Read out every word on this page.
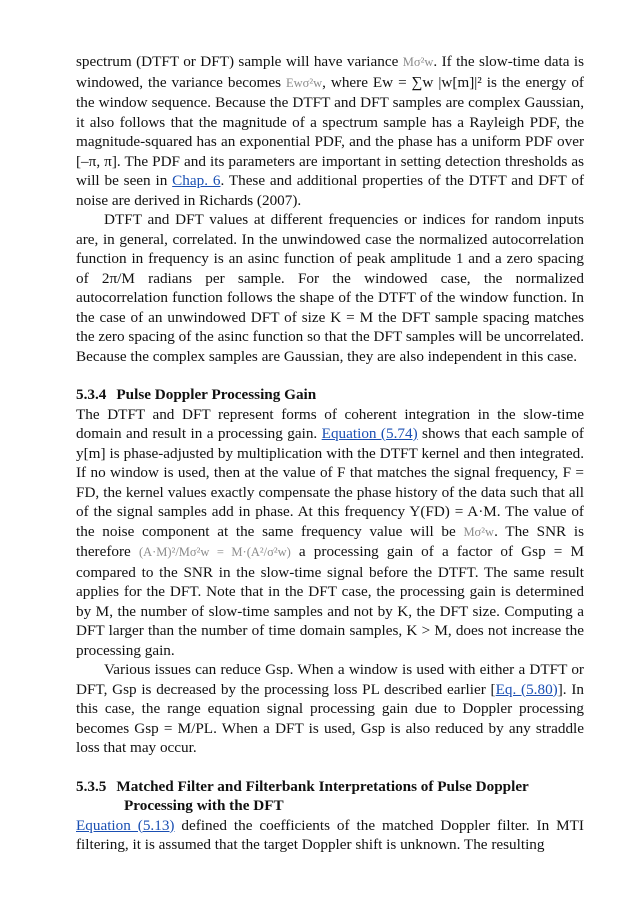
spectrum (DTFT or DFT) sample will have variance Mσ²w. If the slow-time data is windowed, the variance becomes Ewσ²w, where Ew = ∑w |w[m]|² is the energy of the window sequence. Because the DTFT and DFT samples are complex Gaussian, it also follows that the magnitude of a spectrum sample has a Rayleigh PDF, the magnitude-squared has an exponential PDF, and the phase has a uniform PDF over [–π, π]. The PDF and its parameters are important in setting detection thresholds as will be seen in Chap. 6. These and additional properties of the DTFT and DFT of noise are derived in Richards (2007).

DTFT and DFT values at different frequencies or indices for random inputs are, in general, correlated. In the unwindowed case the normalized autocorrelation function in frequency is an asinc function of peak amplitude 1 and a zero spacing of 2π/M radians per sample. For the windowed case, the normalized autocorrelation function follows the shape of the DTFT of the window function. In the case of an unwindowed DFT of size K = M the DFT sample spacing matches the zero spacing of the asinc function so that the DFT samples will be uncorrelated. Because the complex samples are Gaussian, they are also independent in this case.

5.3.4 Pulse Doppler Processing Gain

The DTFT and DFT represent forms of coherent integration in the slow-time domain and result in a processing gain. Equation (5.74) shows that each sample of y[m] is phase-adjusted by multiplication with the DTFT kernel and then integrated. If no window is used, then at the value of F that matches the signal frequency, F = FD, the kernel values exactly compensate the phase history of the data such that all of the signal samples add in phase. At this frequency Y(FD) = A·M. The value of the noise component at the same frequency value will be Mσ²w. The SNR is therefore (A·M)²/Mσ²w = M·(A²/σ²w) a processing gain of a factor of Gsp = M compared to the SNR in the slow-time signal before the DTFT. The same result applies for the DFT. Note that in the DFT case, the processing gain is determined by M, the number of slow-time samples and not by K, the DFT size. Computing a DFT larger than the number of time domain samples, K > M, does not increase the processing gain.

Various issues can reduce Gsp. When a window is used with either a DTFT or DFT, Gsp is decreased by the processing loss PL described earlier [Eq. (5.80)]. In this case, the range equation signal processing gain due to Doppler processing becomes Gsp = M/PL. When a DFT is used, Gsp is also reduced by any straddle loss that may occur.

5.3.5 Matched Filter and Filterbank Interpretations of Pulse Doppler

Processing with the DFT

Equation (5.13) defined the coefficients of the matched Doppler filter. In MTI filtering, it is assumed that the target Doppler shift is unknown. The resulting
